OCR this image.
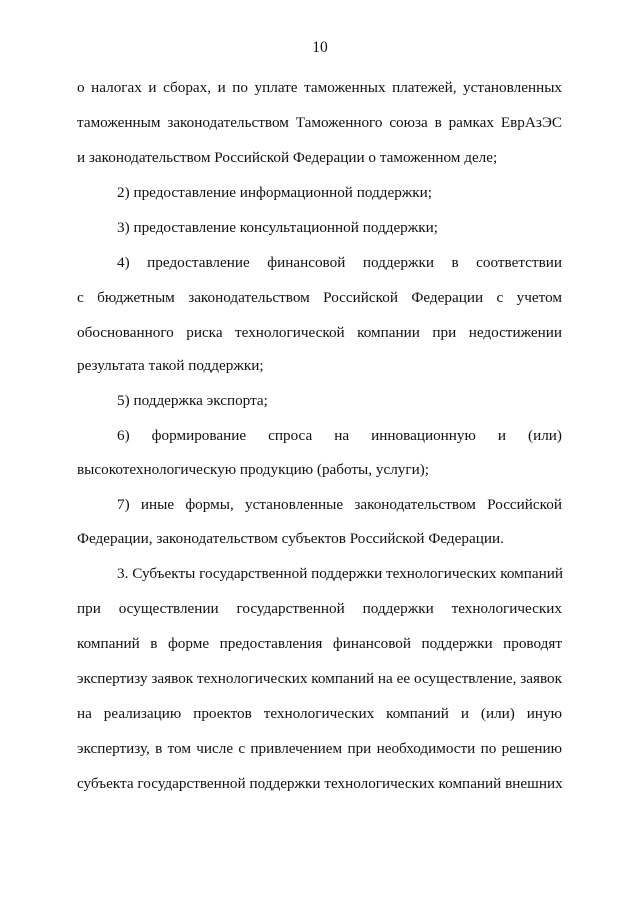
10
о налогах и сборах, и по уплате таможенных платежей, установленных
таможенным законодательством Таможенного союза в рамках ЕврАзЭС
и законодательством Российской Федерации о таможенном деле;
2) предоставление информационной поддержки;
3) предоставление консультационной поддержки;
4) предоставление финансовой поддержки в соответствии
с бюджетным законодательством Российской Федерации с учетом
обоснованного риска технологической компании при недостижении
результата такой поддержки;
5) поддержка экспорта;
6) формирование спроса на инновационную и (или)
высокотехнологическую продукцию (работы, услуги);
7) иные формы, установленные законодательством Российской
Федерации, законодательством субъектов Российской Федерации.
3. Субъекты государственной поддержки технологических компаний
при осуществлении государственной поддержки технологических
компаний в форме предоставления финансовой поддержки проводят
экспертизу заявок технологических компаний на ее осуществление, заявок
на реализацию проектов технологических компаний и (или) иную
экспертизу, в том числе с привлечением при необходимости по решению
субъекта государственной поддержки технологических компаний внешних
